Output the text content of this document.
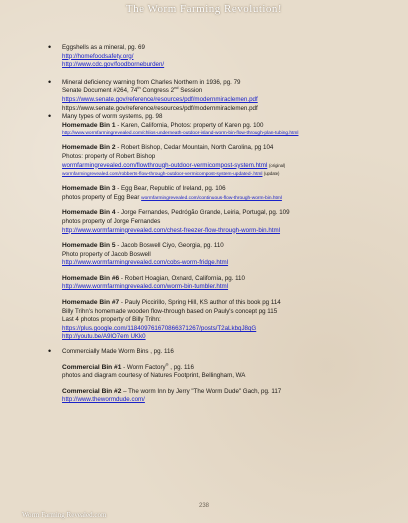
The Worm Farming Revolution!
• Eggshells as a mineral, pg. 69
http://homefoodsafety.org/
http://www.cdc.gov/foodborneburden/
• Mineral deficiency warning from Charles Northern in 1936, pg. 79
Senate Document #264, 74th Congress 2nd Session
https://www.senate.gov/reference/resources/pdf/modernmiraclemen.pdf
https://www.senate.gov/reference/resources/pdf/modernmiraclemen.pdf
• Many types of worm systems, pg. 98
Homemade Bin 1 - Karen, California, Photos: property of Karen pg. 100
http://www.wormfarmingrevealed.com/chlios-underneath-outdoor-island-worm-bin-flow-through-plan-tubing.html
Homemade Bin 2 - Robert Bishop, Cedar Mountain, North Carolina, pg 104
Photos: property of Robert Bishop
wormfarmingrevealed.com/flowthrough-outdoor-vermicompost-system.html (original)
wormfarmingrevealed.com/robberts-flow-through-outdoor-vermicompost-system-updated-.html (update)
Homemade Bin 3 - Egg Bear, Republic of Ireland, pg. 106
photos property of Egg Bear wormfarmingrevealed.com/continuous-flow-through-worm-bin.html
Homemade Bin 4 - Jorge Fernandes, Pedrógão Grande, Leiria, Portugal, pg. 109
photos property of Jorge Fernandes
http://www.wormfarmingrevealed.com/chest-freezer-flow-through-worm-bin.html
Homemade Bin 5 - Jacob Boswell Ciyo, Georgia, pg. 110
Photo property of Jacob Boswell
http://www.wormfarmingrevealed.com/cobs-worm-fridge.html
Homemade Bin #6 - Robert Hoagian, Oxnard, California, pg. 110
http://www.wormfarmingrevealed.com/worm-bin-tumbler.html
Homemade Bin #7 - Pauly Piccirillo, Spring Hill, KS author of this book pg 114
Billy Trihn's homemade wooden flow-through based on Pauly's concept pg 115
Last 4 photos property of Billy Trihn:
https://plus.google.com/118409761670866371267/posts/T2aLkbqJ8qG
http://youtu.be/A9lO7em UKk0
• Commercially Made Worm Bins , pg. 116
Commercial Bin #1 - Worm Factory® , pg. 116
photos and diagram courtesy of Natures Footprint, Bellingham, WA
Commercial Bin #2 – The worm Inn by Jerry "The Worm Dude" Gach, pg. 117
http://www.thewormdude.com/
238
Worm Farming Revealed.com
